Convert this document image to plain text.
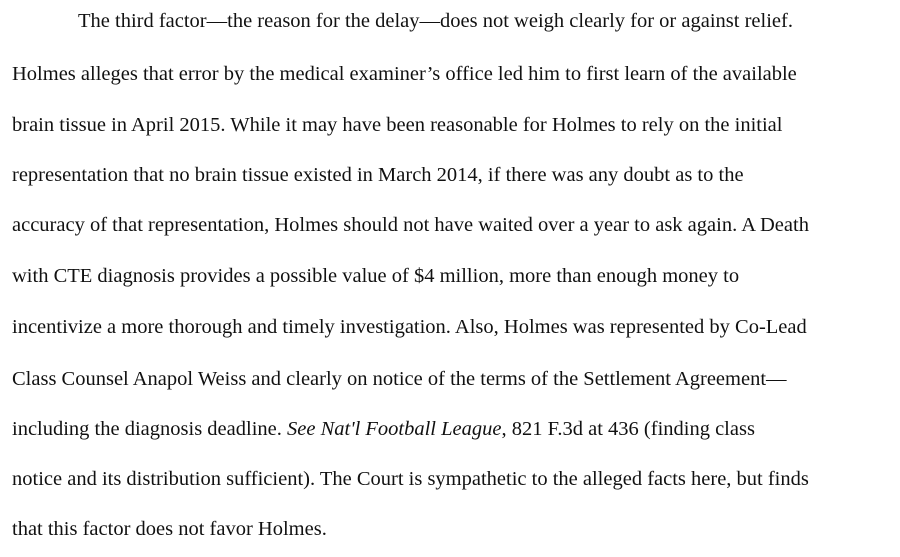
The third factor—the reason for the delay—does not weigh clearly for or against relief.
Holmes alleges that error by the medical examiner’s office led him to first learn of the available
brain tissue in April 2015. While it may have been reasonable for Holmes to rely on the initial
representation that no brain tissue existed in March 2014, if there was any doubt as to the
accuracy of that representation, Holmes should not have waited over a year to ask again. A Death
with CTE diagnosis provides a possible value of $4 million, more than enough money to
incentivize a more thorough and timely investigation. Also, Holmes was represented by Co-Lead
Class Counsel Anapol Weiss and clearly on notice of the terms of the Settlement Agreement—
including the diagnosis deadline. See Nat'l Football League, 821 F.3d at 436 (finding class
notice and its distribution sufficient). The Court is sympathetic to the alleged facts here, but finds
that this factor does not favor Holmes.
